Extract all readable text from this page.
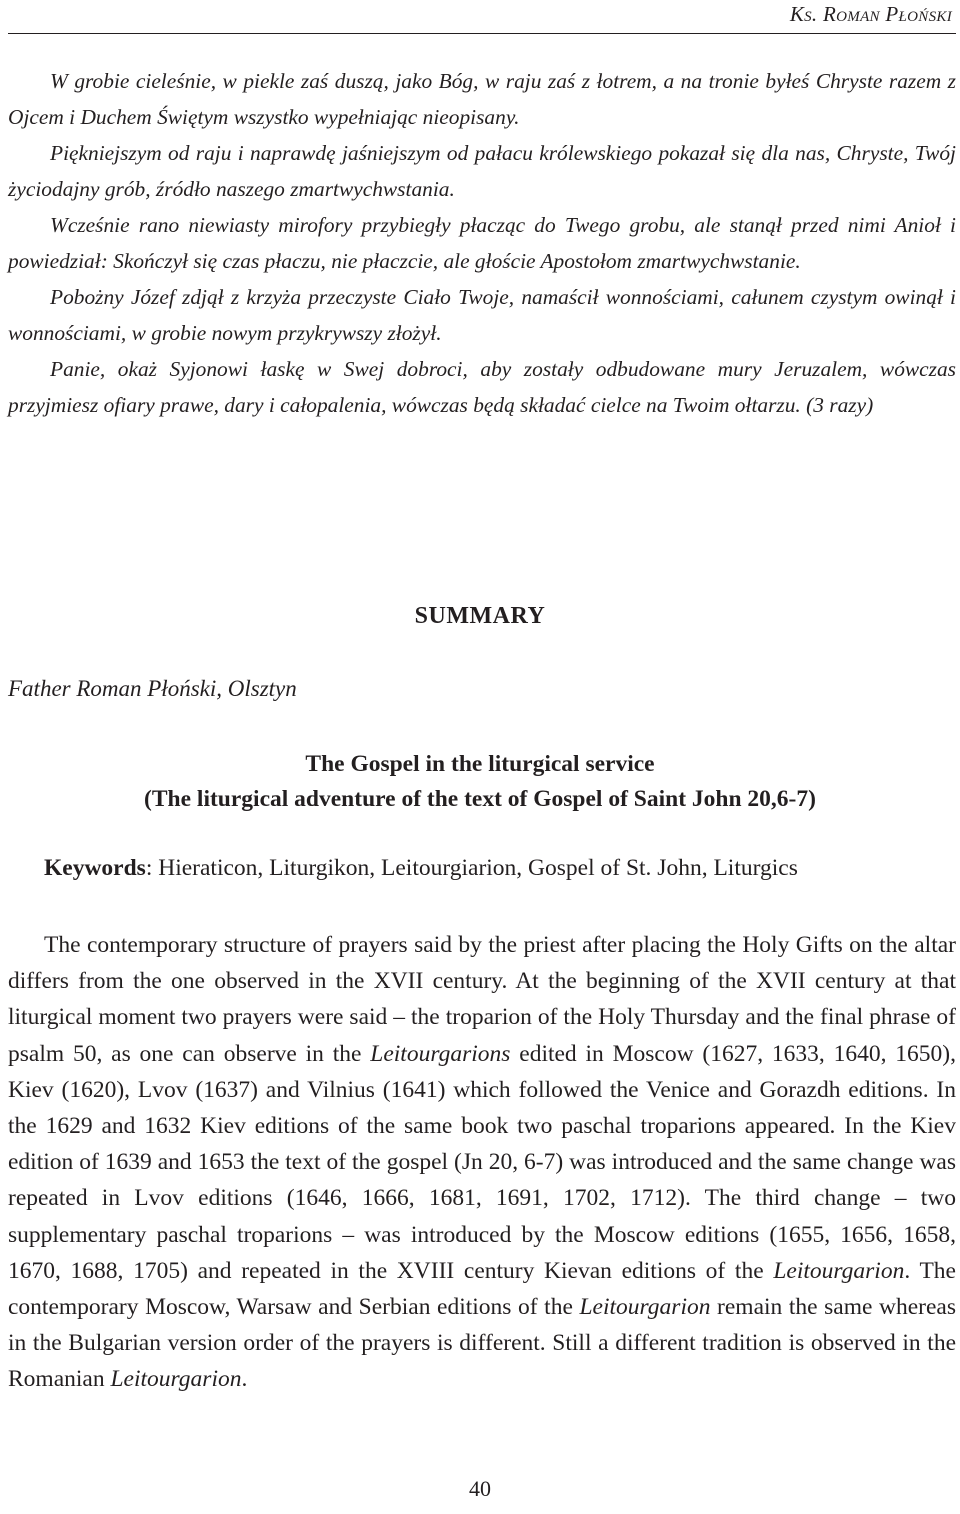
Ks. Roman Płoński

W grobie cieleśnie, w piekle zaś duszą, jako Bóg, w raju zaś z łotrem, a na tronie byłeś Chryste razem z Ojcem i Duchem Świętym wszystko wypełniając nieopisany.

Piękniejszym od raju i naprawdę jaśniejszym od pałacu królewskiego pokazał się dla nas, Chryste, Twój życiodajny grób, źródło naszego zmartwychwstania.

Wcześnie rano niewiasty mirofory przybiegły płacząc do Twego grobu, ale stanął przed nimi Anioł i powiedział: Skończył się czas płaczu, nie płaczcie, ale głoście Apostołom zmartwychwstanie.

Pobożny Józef zdjął z krzyża przeczyste Ciało Twoje, namaścił wonnościami, całunem czystym owinął i wonnościami, w grobie nowym przykrywszy złożył.

Panie, okaż Syjonowi łaskę w Swej dobroci, aby zostały odbudowane mury Jeruzalem, wówczas przyjmiesz ofiary prawe, dary i całopalenia, wówczas będą składać cielce na Twoim ołtarzu. (3 razy)

SUMMARY
Father Roman Płoński, Olsztyn
The Gospel in the liturgical service
(The liturgical adventure of the text of Gospel of Saint John 20,6-7)
Keywords: Hieraticon, Liturgikon, Leitourgiarion, Gospel of St. John, Liturgics

The contemporary structure of prayers said by the priest after placing the Holy Gifts on the altar differs from the one observed in the XVII century. At the beginning of the XVII century at that liturgical moment two prayers were said – the troparion of the Holy Thursday and the final phrase of psalm 50, as one can observe in the Leitourgarions edited in Moscow (1627, 1633, 1640, 1650), Kiev (1620), Lvov (1637) and Vilnius (1641) which followed the Venice and Gorazdh editions. In the 1629 and 1632 Kiev editions of the same book two paschal troparions appeared. In the Kiev edition of 1639 and 1653 the text of the gospel (Jn 20, 6-7) was introduced and the same change was repeated in Lvov editions (1646, 1666, 1681, 1691, 1702, 1712). The third change – two supplementary paschal troparions – was introduced by the Moscow editions (1655, 1656, 1658, 1670, 1688, 1705) and repeated in the XVIII century Kievan editions of the Leitourgarion. The contemporary Moscow, Warsaw and Serbian editions of the Leitourgarion remain the same whereas in the Bulgarian version order of the prayers is different. Still a different tradition is observed in the Romanian Leitourgarion.

40
